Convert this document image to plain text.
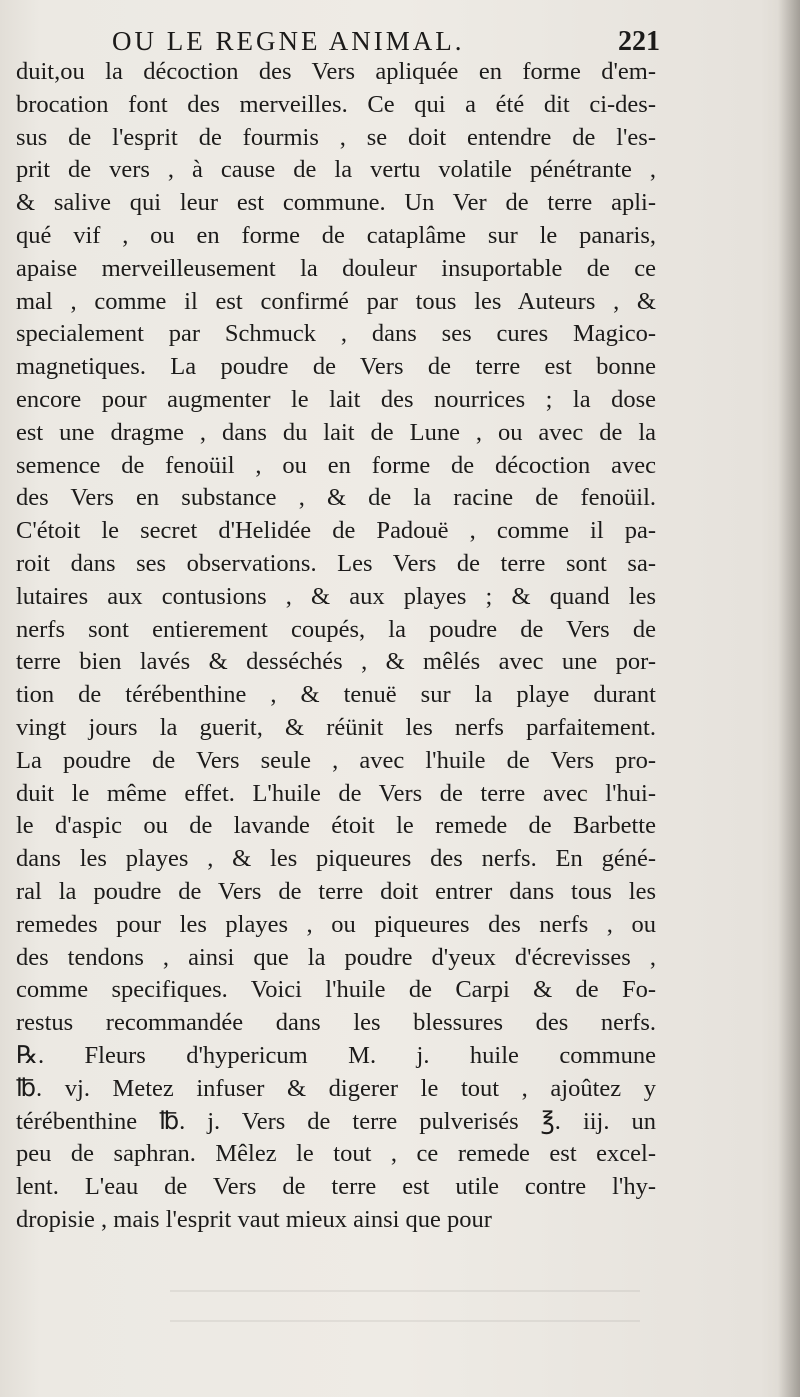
OU LE REGNE ANIMAL.	221
duit,ou la décoction des Vers apliquée en forme d'em-
brocation font des merveilles. Ce qui a été dit ci-des-
sus de l'esprit de fourmis , se doit entendre de l'es-
prit de vers , à cause de la vertu volatile pénétrante ,
& salive qui leur est commune. Un Ver de terre apli-
qué vif , ou en forme de cataplâme sur le panaris,
apaise merveilleusement la douleur insuportable de ce
mal , comme il est confirmé par tous les Auteurs , &
specialement par Schmuck , dans ses cures Magico-
magnetiques. La poudre de Vers de terre est bonne
encore pour augmenter le lait des nourrices ; la dose
est une dragme , dans du lait de Lune , ou avec de la
semence de fenoüil , ou en forme de décoction avec
des Vers en substance , & de la racine de fenoüil.
C'étoit le secret d'Helidée de Padouë , comme il pa-
roit dans ses observations. Les Vers de terre sont sa-
lutaires aux contusions , & aux playes ; & quand les
nerfs sont entierement coupés, la poudre de Vers de
terre bien lavés & desséchés , & mêlés avec une por-
tion de térébenthine , & tenuë sur la playe durant
vingt jours la guerit, & réünit les nerfs parfaitement.
La poudre de Vers seule , avec l'huile de Vers pro-
duit le même effet. L'huile de Vers de terre avec l'hui-
le d'aspic ou de lavande étoit le remede de Barbette
dans les playes , & les piqueures des nerfs. En géné-
ral la poudre de Vers de terre doit entrer dans tous les
remedes pour les playes , ou piqueures des nerfs , ou
des tendons , ainsi que la poudre d'yeux d'écrevisses ,
comme specifiques. Voici l'huile de Carpi & de Fo-
restus recommandée dans les blessures des nerfs.
℞. Fleurs d'hypericum M. j. huile commune
℔. vj. Metez infuser & digerer le tout , ajoûtez y
térébenthine ℔. j. Vers de terre pulverisés ℥. iij. un
peu de saphran. Mêlez le tout , ce remede est excel-
lent. L'eau de Vers de terre est utile contre l'hy-
dropisie , mais l'esprit vaut mieux ainsi que pour
